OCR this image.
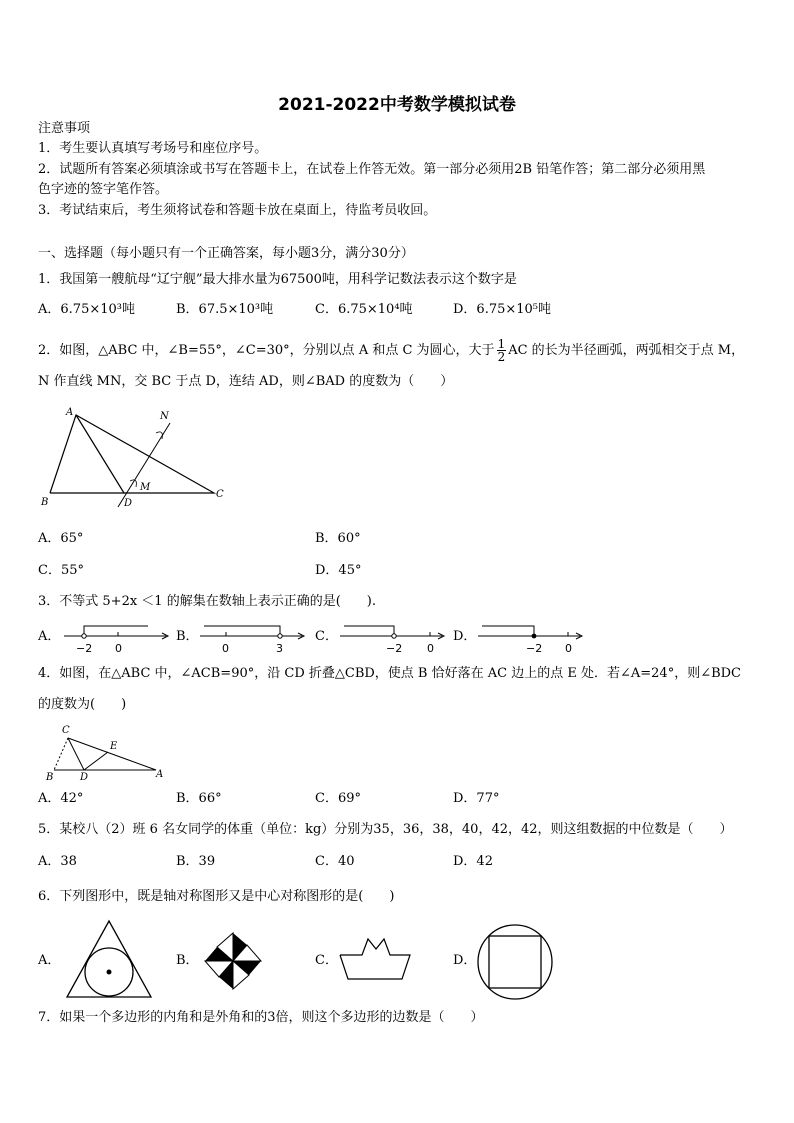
2021-2022中考数学模拟试卷
注意事项
1．考生要认真填写考场号和座位序号。
2．试题所有答案必须填涂或书写在答题卡上，在试卷上作答无效。第一部分必须用2B 铅笔作答；第二部分必须用黑
色字迹的签字笔作答。
3．考试结束后，考生须将试卷和答题卡放在桌面上，待监考员收回。
一、选择题（每小题只有一个正确答案，每小题3分，满分30分）
1．我国第一艘航母“辽宁舰”最大排水量为67500吨，用科学记数法表示这个数字是
A．6.75×10³吨	B．67.5×10³吨	C．6.75×10⁴吨	D．6.75×10⁵吨
2．如图，△ABC 中，∠B=55°，∠C=30°，分别以点 A 和点 C 为圆心，大于 $\frac{1}{2}$ AC 的长为半径画弧，两弧相交于点 M，
N 作直线 MN，交 BC 于点 D，连结 AD，则∠BAD 的度数为（　　）
A
B
C
D
M
N
A．65°	B．60°
C．55°	D．45°
3．不等式 5+2x ＜1 的解集在数轴上表示正确的是(　　).
A．
−2 0
B．
0	3
C．
−2 0
D．
−2 0
4．如图，在△ABC 中，∠ACB=90°，沿 CD 折叠△CBD，使点 B 恰好落在 AC 边上的点 E 处．若∠A=24°，则∠BDC
的度数为(　　)
C
E
B	D	A
A．42°	B．66°	C．69°	D．77°
5．某校八（2）班 6 名女同学的体重（单位：kg）分别为35，36，38，40，42，42，则这组数据的中位数是（　　）
A．38	B．39	C．40	D．42
6．下列图形中，既是轴对称图形又是中心对称图形的是(　　)
A．	B．	C．	D．
7．如果一个多边形的内角和是外角和的3倍，则这个多边形的边数是（　　）
